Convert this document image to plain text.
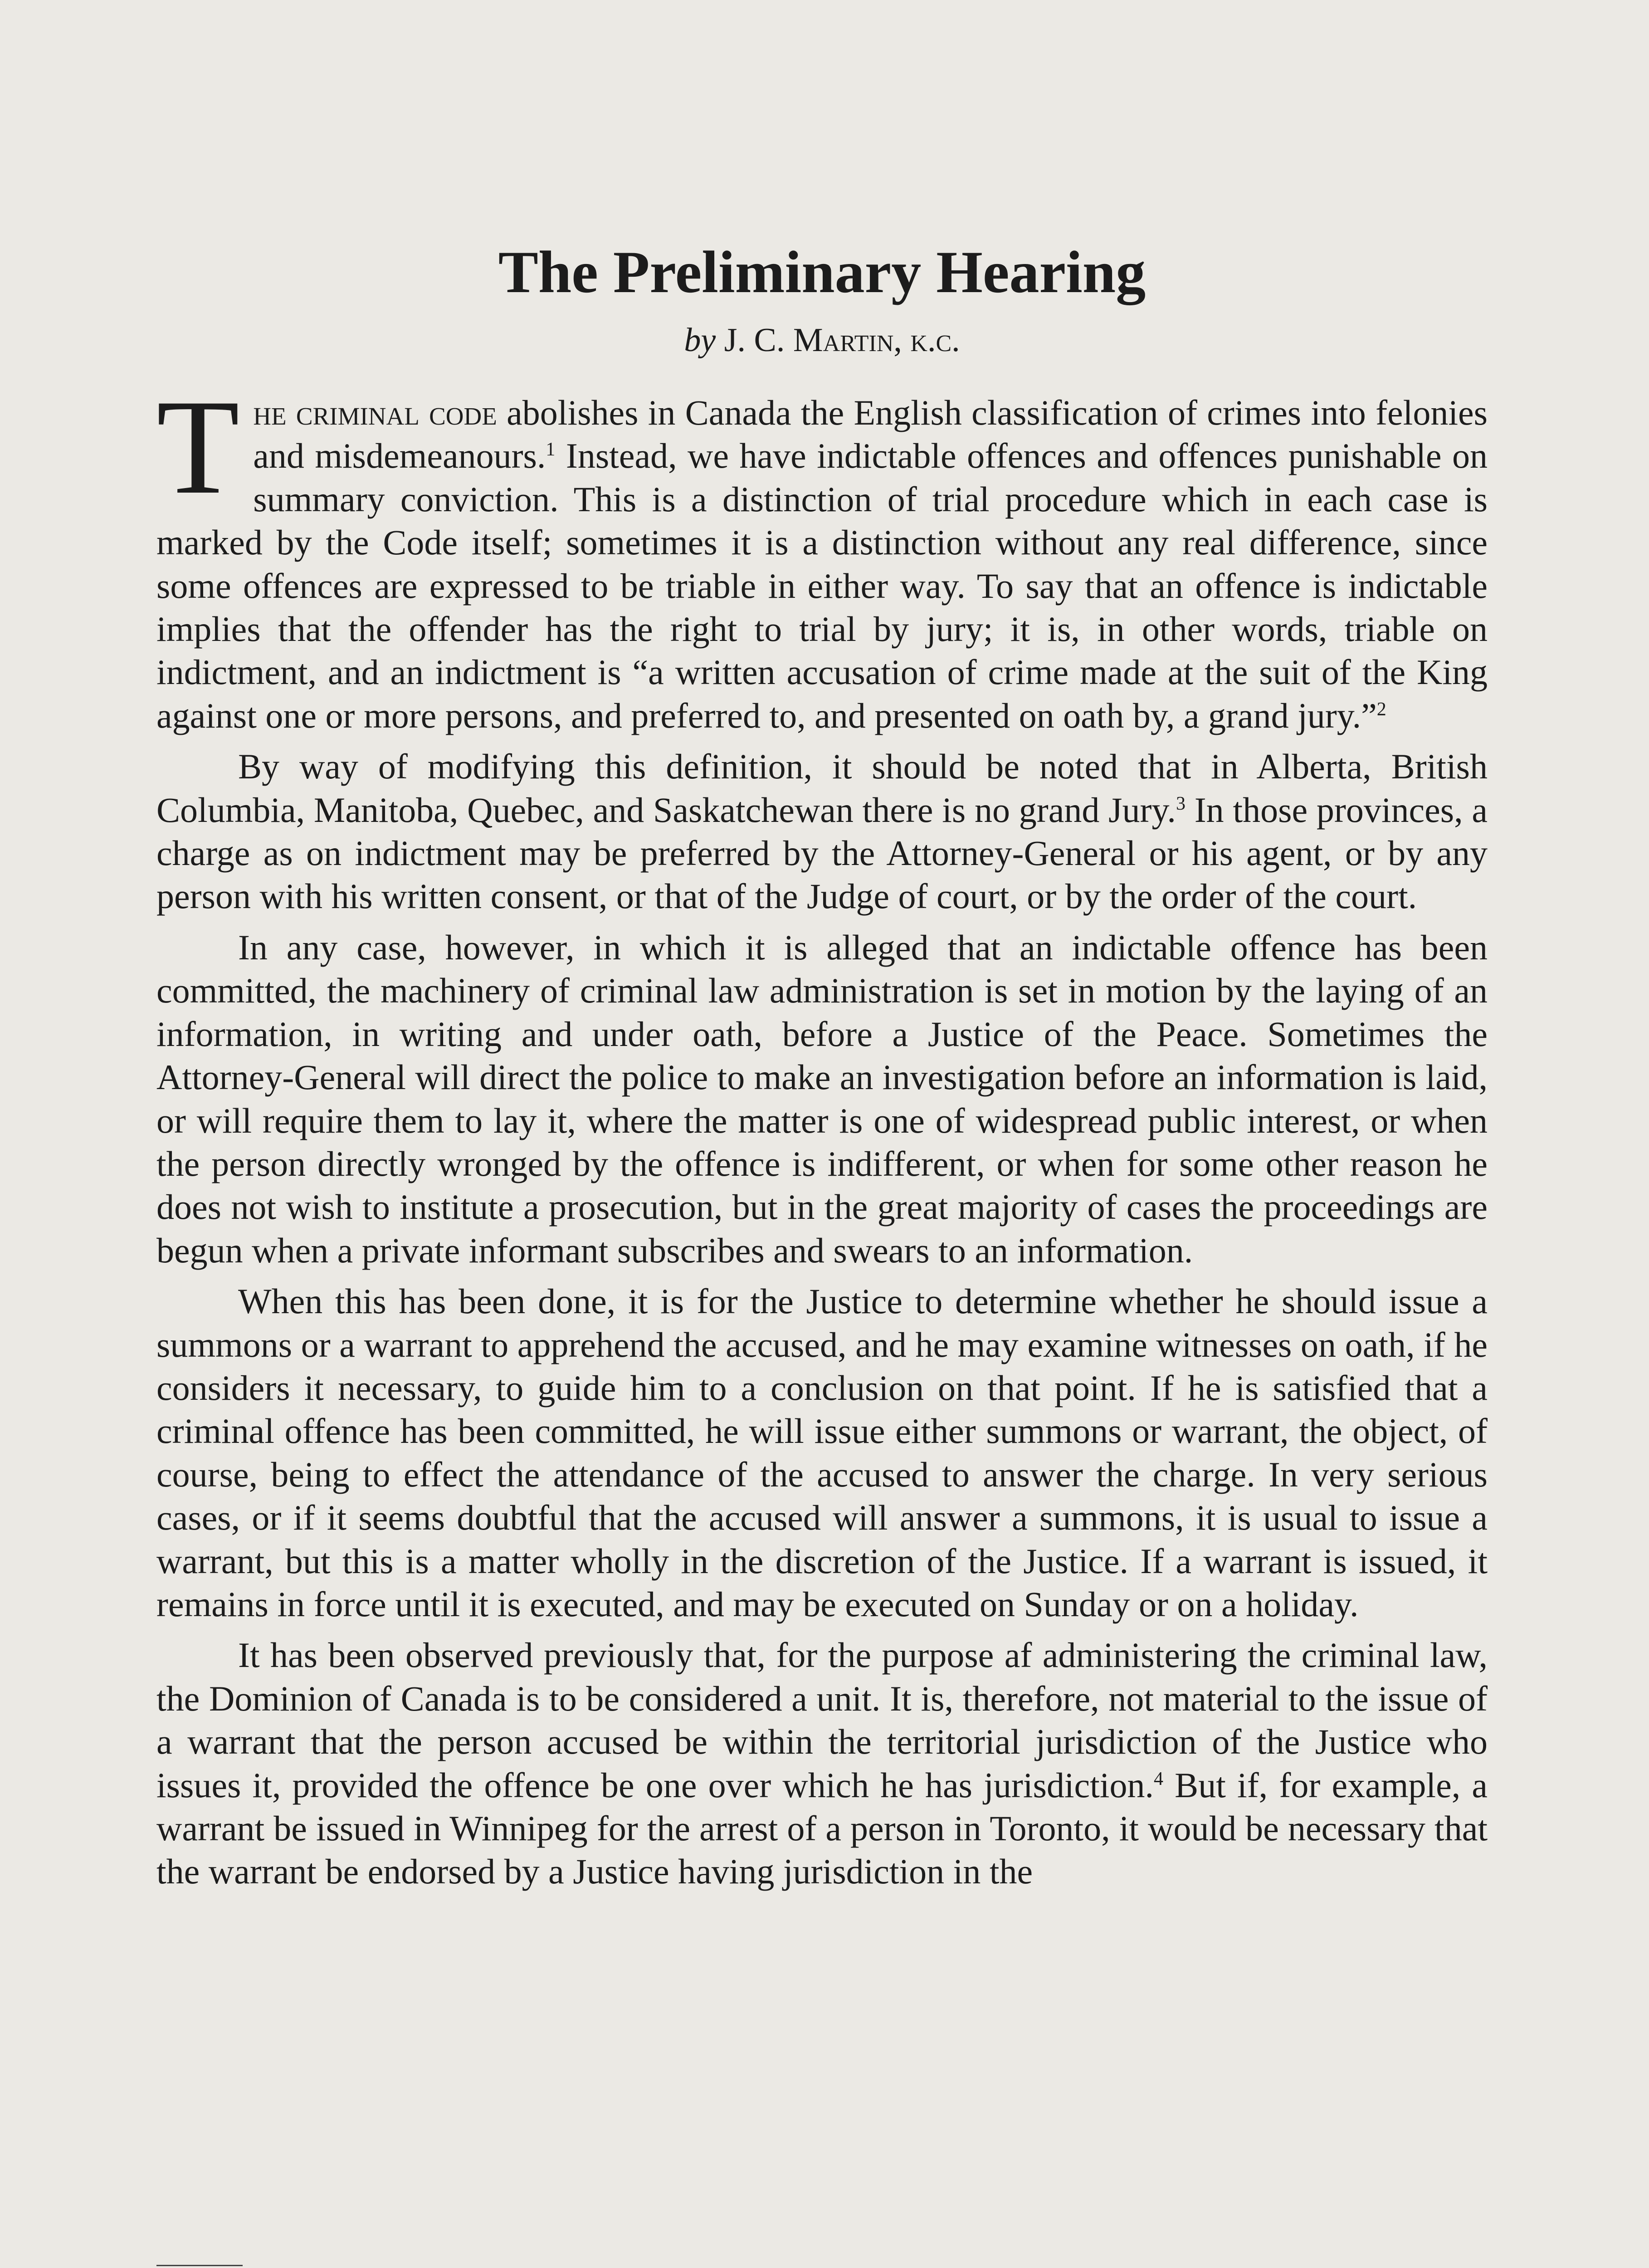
The Preliminary Hearing
by J. C. Martin, k.c.

The criminal code abolishes in Canada the English classification of crimes into felonies and misdemeanours.$^1$ Instead, we have indictable offences and offences punishable on summary conviction. This is a distinction of trial procedure which in each case is marked by the Code itself; sometimes it is a distinction without any real difference, since some offences are expressed to be triable in either way. To say that an offence is indictable implies that the offender has the right to trial by jury; it is, in other words, triable on indictment, and an indictment is “a written accusation of crime made at the suit of the King against one or more persons, and preferred to, and presented on oath by, a grand jury.”$^2$

By way of modifying this definition, it should be noted that in Alberta, British Columbia, Manitoba, Quebec, and Saskatchewan there is no grand Jury.$^3$ In those provinces, a charge as on indictment may be preferred by the Attorney-General or his agent, or by any person with his written consent, or that of the Judge of court, or by the order of the court.

In any case, however, in which it is alleged that an indictable offence has been committed, the machinery of criminal law administration is set in motion by the laying of an information, in writing and under oath, before a Justice of the Peace. Sometimes the Attorney-General will direct the police to make an investigation before an information is laid, or will require them to lay it, where the matter is one of widespread public interest, or when the person directly wronged by the offence is indifferent, or when for some other reason he does not wish to institute a prosecution, but in the great majority of cases the proceedings are begun when a private informant subscribes and swears to an information.

When this has been done, it is for the Justice to determine whether he should issue a summons or a warrant to apprehend the accused, and he may examine witnesses on oath, if he considers it necessary, to guide him to a conclusion on that point. If he is satisfied that a criminal offence has been committed, he will issue either summons or warrant, the object, of course, being to effect the attendance of the accused to answer the charge. In very serious cases, or if it seems doubtful that the accused will answer a summons, it is usual to issue a warrant, but this is a matter wholly in the discretion of the Justice. If a warrant is issued, it remains in force until it is executed, and may be executed on Sunday or on a holiday.

It has been observed previously that, for the purpose af administering the criminal law, the Dominion of Canada is to be considered a unit. It is, therefore, not material to the issue of a warrant that the person accused be within the territorial jurisdiction of the Justice who issues it, provided the offence be one over which he has jurisdiction.$^4$ But if, for example, a warrant be issued in Winnipeg for the arrest of a person in Toronto, it would be necessary that the warrant be endorsed by a Justice having jurisdiction in the
